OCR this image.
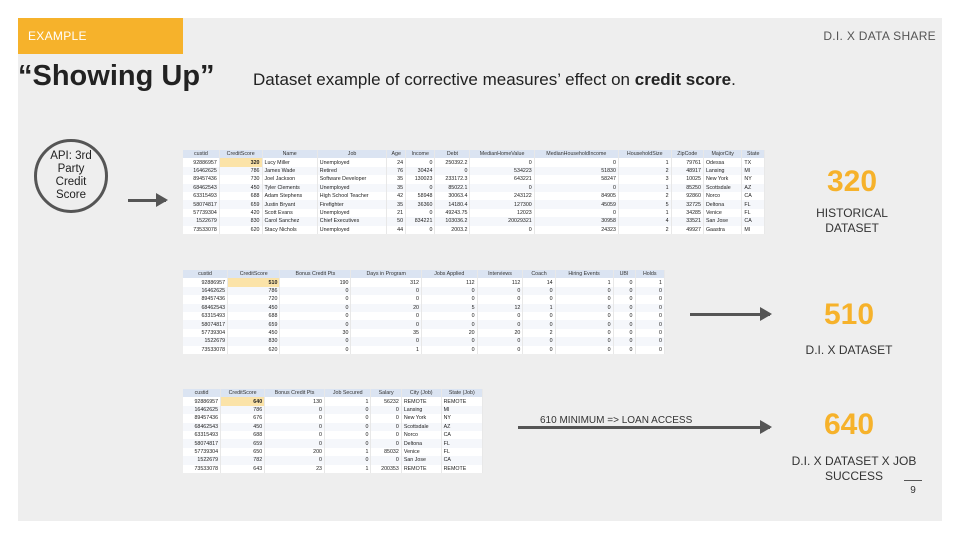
EXAMPLE	D.I. X DATA SHARE
“Showing Up” Dataset example of corrective measures’ effect on credit score.
API: 3rd Party Credit Score
custid	CreditScore	Name	Job	Age	Income	Debt	MedianHomeValue	MedianHouseholdIncome	HouseholdSize	ZipCode	MajorCity	State
92886957	320	Lucy Miller	Unemployed	24	0	250392.2	0	0	1	79761	Odessa	TX
16462625	786	James Wade	Retired	76	30424	0	534223	51830	2	48917	Lansing	MI
89457436	730	Joel Jackson	Software Developer	35	130023	233172.3	643221	58247	3	10025	New York	NY
68462543	450	Tyler Clements	Unemployed	35	0	85022.1	0	0	1	85250	Scottsdale	AZ
63315493	688	Adam Stephens	High School Teacher	42	58948	30063.4	243122	84905	2	92860	Norco	CA
58074817	659	Justin Bryant	Firefighter	35	36360	14180.4	127300	45059	5	32725	Deltona	FL
57739304	420	Scott Evans	Unemployed	21	0	49243.75	12023	0	1	34285	Venice	FL
1522679	830	Carol Sanchez	Chief Executives	50	834221	103036.2	20029321	30958	4	33521	San Jose	CA
73533078	620	Stacy Nichols	Unemployed	44	0	2003.2	0	24323	2	49927	Gaastra	MI
custid	CreditScore	Bonus Credit Pts	Days in Program	Jobs Applied	Interviews	Coach	Hiring Events	UBI	Holds
92886957	510	190	312	112	112	14	1	0	1
16462625	786	0	0	0	0	0	0	0	0
89457436	720	0	0	0	0	0	0	0	0
68462543	450	0	20	5	12	1	0	0	0
63315493	688	0	0	0	0	0	0	0	0
58074817	659	0	0	0	0	0	0	0	0
57739304	450	30	35	20	20	2	0	0	0
1522679	830	0	0	0	0	0	0	0	0
73533078	620	0	1	0	0	0	0	0	0
custid	CreditScore	Bonus Credit Pts	Job Secured	Salary	City (Job)	State (Job)
92886957	640	130	1	56232	REMOTE	REMOTE
16462625	786	0	0	0	Lansing	MI
89457436	676	0	0	0	New York	NY
68462543	450	0	0	0	Scottsdale	AZ
63315493	688	0	0	0	Norco	CA
58074817	659	0	0	0	Deltona	FL
57739304	650	200	1	85032	Venice	FL
1522679	782	0	0	0	San Jose	CA
73533078	643	23	1	200353	REMOTE	REMOTE
320
HISTORICAL DATASET
510
D.I. X DATASET
610 MINIMUM => LOAN ACCESS	640
D.I. X DATASET X JOB SUCCESS
9
